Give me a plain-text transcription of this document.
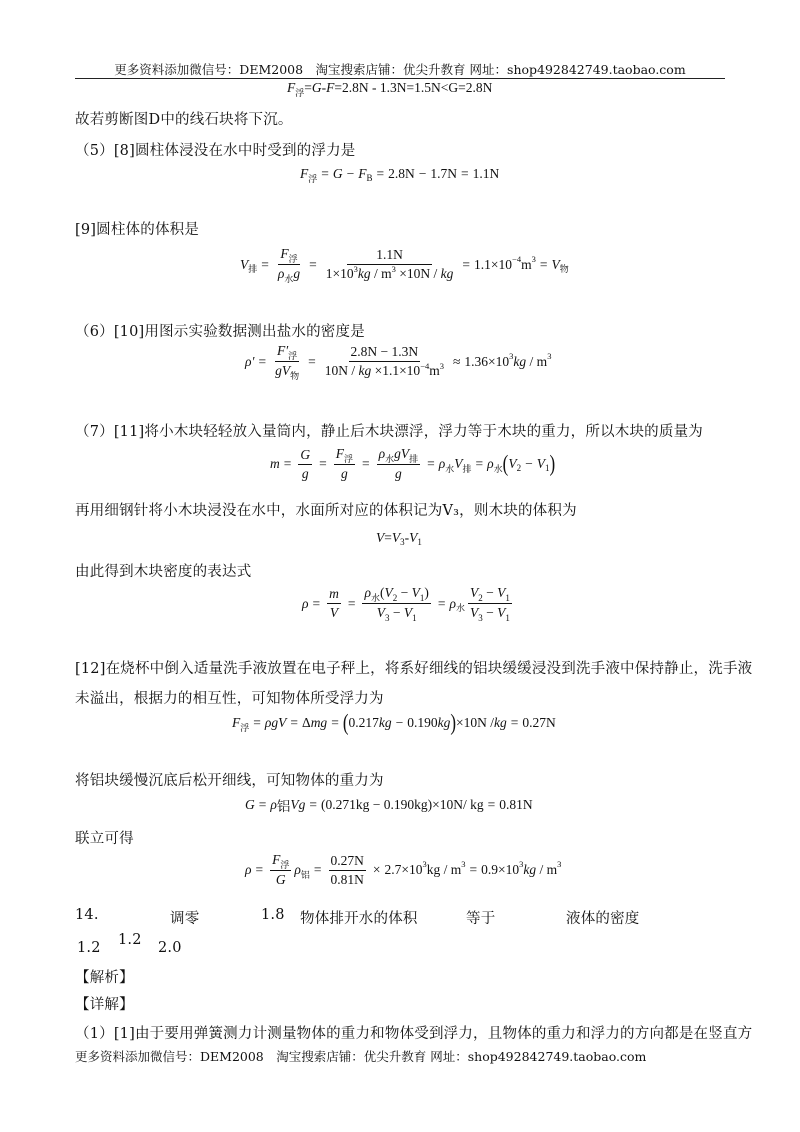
更多资料添加微信号：DEM2008　淘宝搜索店铺：优尖升教育 网址：shop492842749.taobao.com
F 浮 = G - F =2.8N - 1.3N=1.5N<G=2.8N
故若剪断图D中的线石块将下沉。
（5）[8]圆柱体浸没在水中时受到的浮力是
F 浮 = G − F B = 2.8N − 1.7N = 1.1N
[9]圆柱体的体积是
V 排 = $\frac{F_浮}{\rho_水g} = \frac{1.1N}{1\times 10^3kg / m^3 \times 10N / kg} = 1.1\times 10 -4$ m 3 = V 物
（6）[10]用图示实验数据测出盐水的密度是
$\rho' = \frac{F'_浮}{gV_物} = \frac{2.8N - 1.3N}{10N / kg \times 1.1\times 10^{-4}m^3} \approx 1.36\times 10$ 3 kg / m 3
（7）[11]将小木块轻轻放入量筒内，静止后木块漂浮，浮力等于木块的重力，所以木块的质量为
$m = \frac{G}{g} = \frac{F_浮}{g} = \frac{\rho_水gV_排}{g} = \rho$ 水 V 排 = ρ 水 ( V 2 − V 1 )
再用细钢针将小木块浸没在水中，水面所对应的体积记为V₃，则木块的体积为
V = V 3 - V 1
由此得到木块密度的表达式
$\rho = \frac{m}{V} = \frac{\rho_水(V_2 - V_1)}{V_3 - V_1} = \rho$ 水 $\frac{V_2 - V_1}{V_3 - V_1}$
[12]在烧杯中倒入适量洗手液放置在电子秤上，将系好细线的铝块缓缓浸没到洗手液中保持静止，洗手液
未溢出，根据力的相互性，可知物体所受浮力为
F 浮 = ρgV = Δ mg = ( 0.217 kg − 0.190 kg ) ×10N / kg = 0.27N
将铝块缓慢沉底后松开细线，可知物体的重力为
G = ρ 铝 Vg = (0.271kg − 0.190kg)×10N/ kg = 0.81N
联立可得
$\rho = \frac{F_浮}{G}$ ρ 铝 = $\frac{0.27N}{0.81N} \times 2.7\times 10$ 3 kg / m 3 = 0.9×10 3 kg / m 3
14.	调零	1.8 物体排开水的体积	等于	液体的密度
1.2 1.2 2.0
【解析】
【详解】
（1）[1]由于要用弹簧测力计测量物体的重力和物体受到浮力，且物体的重力和浮力的方向都是在竖直方
更多资料添加微信号：DEM2008　淘宝搜索店铺：优尖升教育 网址：shop492842749.taobao.com
